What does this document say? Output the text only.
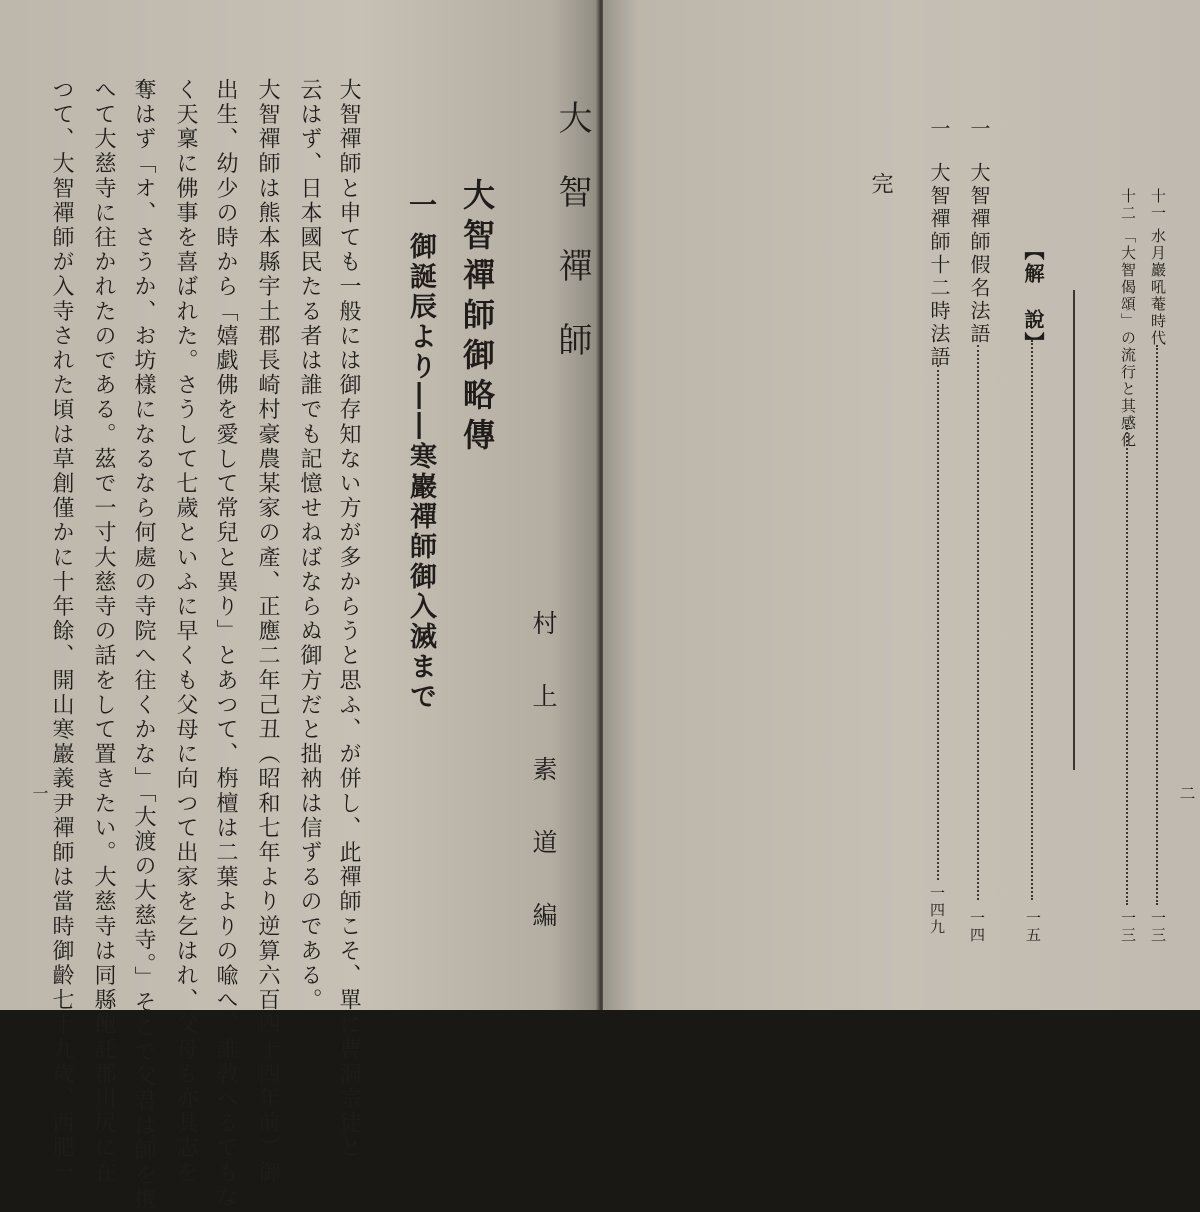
大智禪師
大智禪師御略傳
一
御誕辰より――寒巖禪師御入滅まで
村上素道編
大智禪師と申ても一般には御存知ない方が多からうと思ふ、が併し、此禪師こそ、單に曹洞宗徒と
云はず、日本國民たる者は誰でも記憶せねばならぬ御方だと拙衲は信ずるのである。
大智禪師は熊本縣宇土郡長崎村豪農某家の產、正應二年己丑（昭和七年より逆算六百四十四年前）御
出生、幼少の時から「嬉戯佛を愛して常兒と異り」とあつて、栴檀は二葉よりの喩へ、誰敎へるでもな
く天稟に佛事を喜ばれた。さうして七歲といふに早くも父母に向つて出家を乞はれ、父母も亦其志を
奪はず「オ、さうか、お坊樣になるなら何處の寺院へ往くかな」「大渡の大慈寺。」そこで父君は師を携
へて大慈寺に往かれたのである。茲で一寸大慈寺の話をして置きたい。大慈寺は同縣飽託郡川尻に在
つて、大智禪師が入寺された頃は草創僅かに十年餘、開山寒巖義尹禪師は當時御齡七十九歲、西肥一
一
十一
水月巖吼菴時代
一三
十二
「大智偈頌」の流行と其感化
一三
【解　說】
一五
一
大智禪師假名法語
一四
一
大智禪師十二時法語
一四九
完
二
